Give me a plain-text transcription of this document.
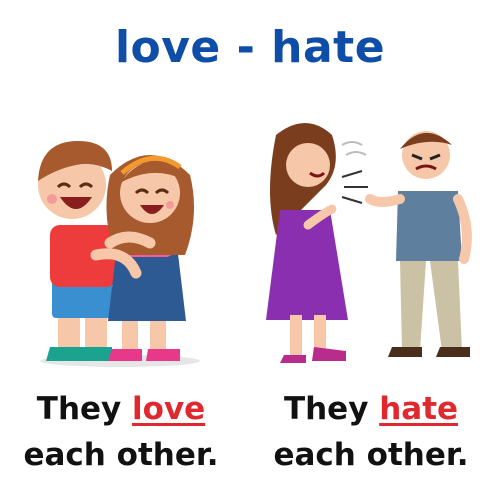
love - hate
They love
each other.
They hate
each other.
